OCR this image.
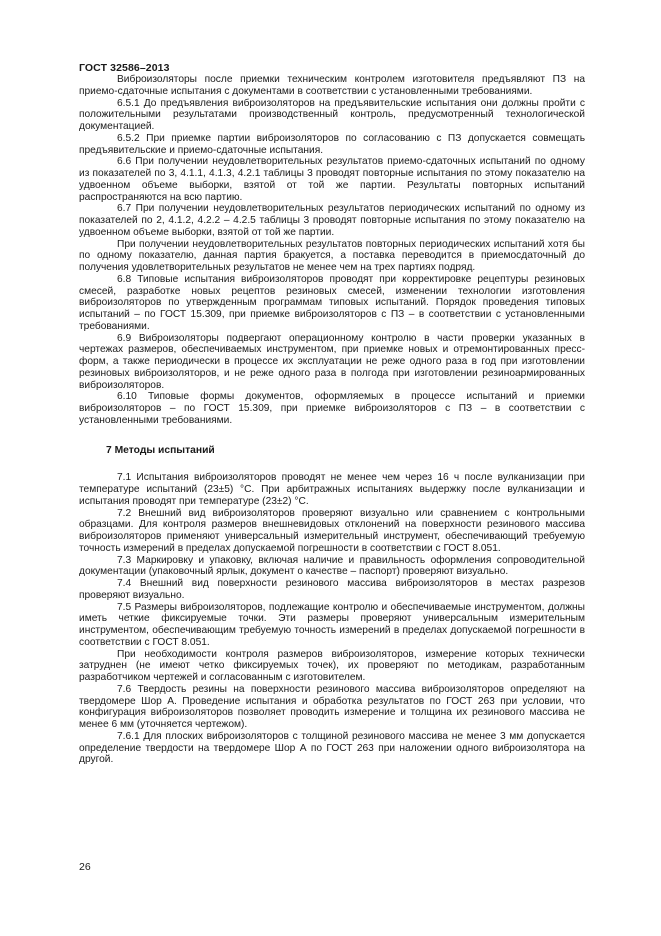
ГОСТ 32586–2013

Виброизоляторы после приемки техническим контролем изготовителя предъявляют ПЗ на приемо-сдаточные испытания с документами в соответствии с установленными требованиями.

6.5.1 До предъявления виброизоляторов на предъявительские испытания они должны пройти с положительными результатами производственный контроль, предусмотренный технологической документацией.

6.5.2 При приемке партии виброизоляторов по согласованию с ПЗ допускается совмещать предъявительские и приемо-сдаточные испытания.

6.6 При получении неудовлетворительных результатов приемо-сдаточных испытаний по одному из показателей по 3, 4.1.1, 4.1.3, 4.2.1 таблицы 3 проводят повторные испытания по этому показателю на удвоенном объеме выборки, взятой от той же партии. Результаты повторных испытаний распространяются на всю партию.

6.7 При получении неудовлетворительных результатов периодических испытаний по одному из показателей по 2, 4.1.2, 4.2.2 – 4.2.5 таблицы 3 проводят повторные испытания по этому показателю на удвоенном объеме выборки, взятой от той же партии.

При получении неудовлетворительных результатов повторных периодических испытаний хотя бы по одному показателю, данная партия бракуется, а поставка переводится в приемосдаточный до получения удовлетворительных результатов не менее чем на трех партиях подряд.

6.8 Типовые испытания виброизоляторов проводят при корректировке рецептуры резиновых смесей, разработке новых рецептов резиновых смесей, изменении технологии изготовления виброизоляторов по утвержденным программам типовых испытаний. Порядок проведения типовых испытаний – по ГОСТ 15.309, при приемке виброизоляторов с ПЗ – в соответствии с установленными требованиями.

6.9 Виброизоляторы подвергают операционному контролю в части проверки указанных в чертежах размеров, обеспечиваемых инструментом, при приемке новых и отремонтированных пресс-форм, а также периодически в процессе их эксплуатации не реже одного раза в год при изготовлении резиновых виброизоляторов, и не реже одного раза в полгода при изготовлении резиноармированных виброизоляторов.

6.10 Типовые формы документов, оформляемых в процессе испытаний и приемки виброизоляторов – по ГОСТ 15.309, при приемке виброизоляторов с ПЗ – в соответствии с установленными требованиями.

7 Методы испытаний

7.1 Испытания виброизоляторов проводят не менее чем через 16 ч после вулканизации при температуре испытаний (23±5) °С. При арбитражных испытаниях выдержку после вулканизации и испытания проводят при температуре (23±2) °С.

7.2 Внешний вид виброизоляторов проверяют визуально или сравнением с контрольными образцами. Для контроля размеров внешневидовых отклонений на поверхности резинового массива виброизоляторов применяют универсальный измерительный инструмент, обеспечивающий требуемую точность измерений в пределах допускаемой погрешности в соответствии с ГОСТ 8.051.

7.3 Маркировку и упаковку, включая наличие и правильность оформления сопроводительной документации (упаковочный ярлык, документ о качестве – паспорт) проверяют визуально.

7.4 Внешний вид поверхности резинового массива виброизоляторов в местах разрезов проверяют визуально.

7.5 Размеры виброизоляторов, подлежащие контролю и обеспечиваемые инструментом, должны иметь четкие фиксируемые точки. Эти размеры проверяют универсальным измерительным инструментом, обеспечивающим требуемую точность измерений в пределах допускаемой погрешности в соответствии с ГОСТ 8.051.

При необходимости контроля размеров виброизоляторов, измерение которых технически затруднен (не имеют четко фиксируемых точек), их проверяют по методикам, разработанным разработчиком чертежей и согласованным с изготовителем.

7.6 Твердость резины на поверхности резинового массива виброизоляторов определяют на твердомере Шор А. Проведение испытания и обработка результатов по ГОСТ 263 при условии, что конфигурация виброизоляторов позволяет проводить измерение и толщина их резинового массива не менее 6 мм (уточняется чертежом).

7.6.1 Для плоских виброизоляторов с толщиной резинового массива не менее 3 мм допускается определение твердости на твердомере Шор А по ГОСТ 263 при наложении одного виброизолятора на другой.

26
